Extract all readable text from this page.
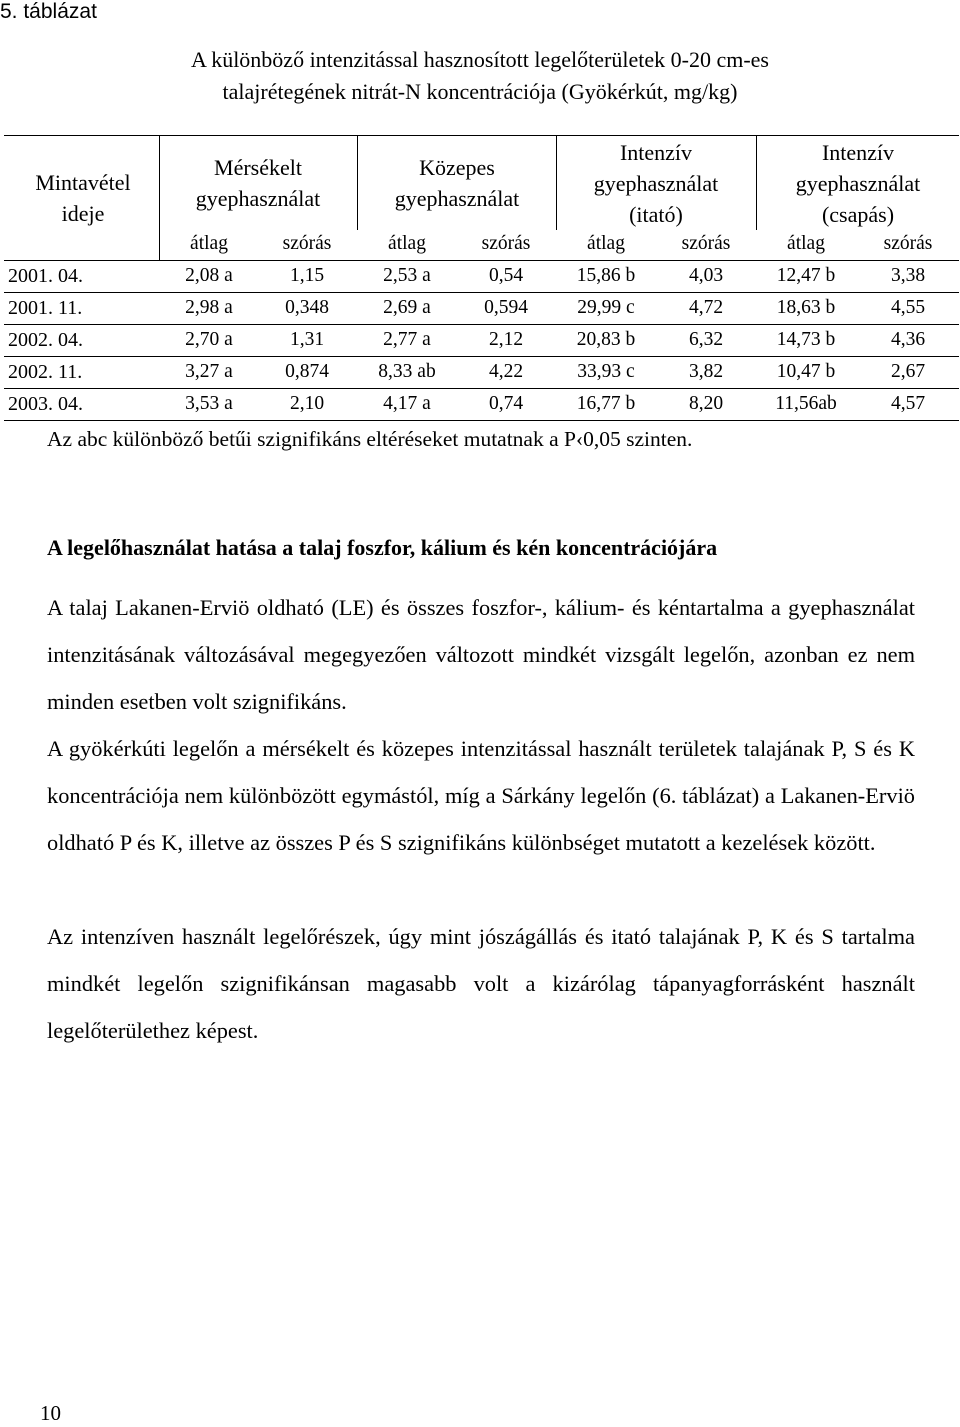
5. táblázat
A különböző intenzitással hasznosított legelőterületek 0-20 cm-es
talajrétegének nitrát-N koncentrációja (Gyökérkút, mg/kg)
Mintavétel
ideje
Mérsékelt
gyephasználat
Közepes
gyephasználat
Intenzív
gyephasználat
(itató)
Intenzív
gyephasználat
(csapás)
átlag	szórás	átlag	szórás	átlag	szórás	átlag	szórás
2001. 04.	2,08 a	1,15	2,53 a	0,54	15,86 b	4,03	12,47 b	3,38
2001. 11.	2,98 a	0,348	2,69 a	0,594	29,99 c	4,72	18,63 b	4,55
2002. 04.	2,70 a	1,31	2,77 a	2,12	20,83 b	6,32	14,73 b	4,36
2002. 11.	3,27 a	0,874	8,33 ab	4,22	33,93 c	3,82	10,47 b	2,67
2003. 04.	3,53 a	2,10	4,17 a	0,74	16,77 b	8,20	11,56ab	4,57
Az abc különböző betűi szignifikáns eltéréseket mutatnak a P‹0,05 szinten.
A legelőhasználat hatása a talaj foszfor, kálium és kén koncentrációjára

A talaj Lakanen-Erviö oldható (LE) és összes foszfor-, kálium- és kéntartalma a gyephasználat intenzitásának változásával megegyezően változott mindkét vizsgált legelőn, azonban ez nem minden esetben volt szignifikáns.

A gyökérkúti legelőn a mérsékelt és közepes intenzitással használt területek talajának P, S és K koncentrációja nem különbözött egymástól, míg a Sárkány legelőn (6. táblázat) a Lakanen-Erviö oldható P és K, illetve az összes P és S szignifikáns különbséget mutatott a kezelések között.

Az intenzíven használt legelőrészek, úgy mint jószágállás és itató talajának P, K és S tartalma mindkét legelőn szignifikánsan magasabb volt a kizárólag tápanyagforrásként használt legelőterülethez képest.

10
